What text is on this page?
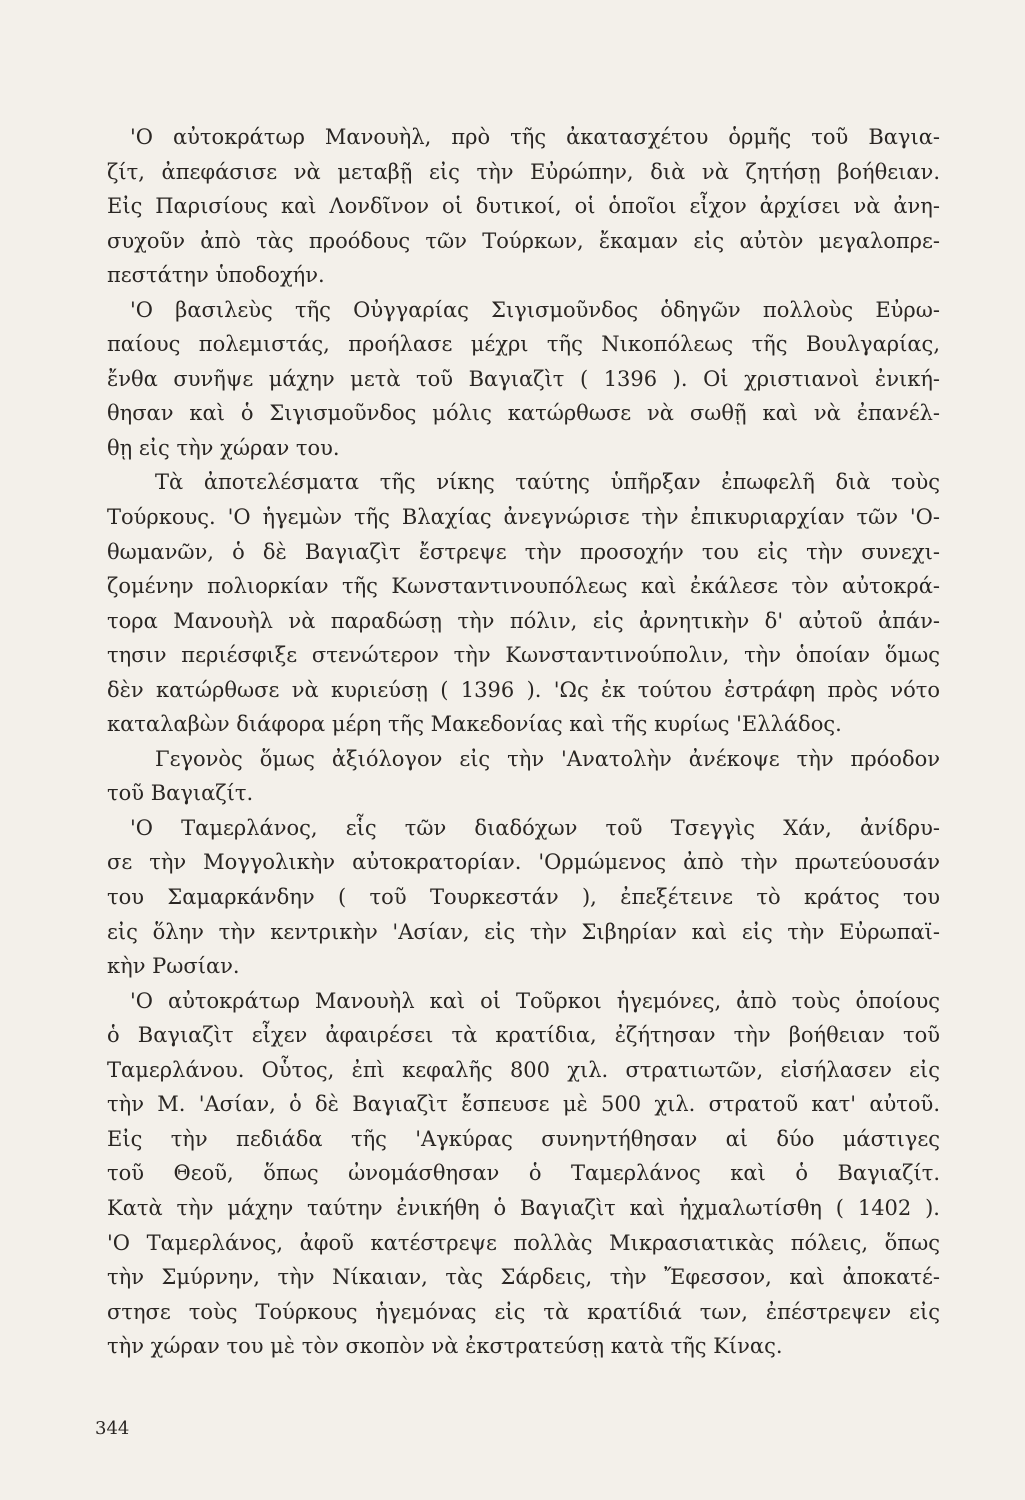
'Ο αὐτοκράτωρ Μανουὴλ, πρὸ τῆς ἀκατασχέτου ὁρμῆς τοῦ Βαγια-
ζίτ, ἀπεφάσισε νὰ μεταβῇ εἰς τὴν Εὐρώπην, διὰ νὰ ζητήσῃ βοήθειαν.
Εἰς Παρισίους καὶ Λονδῖνον οἱ δυτικοί, οἱ ὁποῖοι εἶχον ἀρχίσει νὰ ἀνη-
συχοῦν ἀπὸ τὰς προόδους τῶν Τούρκων, ἔκαμαν εἰς αὐτὸν μεγαλοπρε-
πεστάτην ὑποδοχήν.
'Ο βασιλεὺς τῆς Οὐγγαρίας Σιγισμοῦνδος ὁδηγῶν πολλοὺς Εὐρω-
παίους πολεμιστάς, προήλασε μέχρι τῆς Νικοπόλεως τῆς Βουλγαρίας,
ἔνθα συνῆψε μάχην μετὰ τοῦ Βαγιαζὶτ ( 1396 ). Οἱ χριστιανοὶ ἐνική-
θησαν καὶ ὁ Σιγισμοῦνδος μόλις κατώρθωσε νὰ σωθῇ καὶ νὰ ἐπανέλ-
θῃ εἰς τὴν χώραν του.
Τὰ ἀποτελέσματα τῆς νίκης ταύτης ὑπῆρξαν ἐπωφελῆ διὰ τοὺς
Τούρκους. 'Ο ἡγεμὼν τῆς Βλαχίας ἀνεγνώρισε τὴν ἐπικυριαρχίαν τῶν 'Ο-
θωμανῶν, ὁ δὲ Βαγιαζὶτ ἔστρεψε τὴν προσοχήν του εἰς τὴν συνεχι-
ζομένην πολιορκίαν τῆς Κωνσταντινουπόλεως καὶ ἐκάλεσε τὸν αὐτοκρά-
τορα Μανουὴλ νὰ παραδώσῃ τὴν πόλιν, εἰς ἀρνητικὴν δ' αὐτοῦ ἀπάν-
τησιν περιέσφιξε στενώτερον τὴν Κωνσταντινούπολιν, τὴν ὁποίαν ὅμως
δὲν κατώρθωσε νὰ κυριεύσῃ ( 1396 ). 'Ως ἐκ τούτου ἐστράφη πρὸς νότο
καταλαβὼν διάφορα μέρη τῆς Μακεδονίας καὶ τῆς κυρίως 'Ελλάδος.
Γεγονὸς ὅμως ἀξιόλογον εἰς τὴν 'Ανατολὴν ἀνέκοψε τὴν πρόοδον
τοῦ Βαγιαζίτ.
'Ο Ταμερλάνος, εἷς τῶν διαδόχων τοῦ Τσεγγὶς Χάν, ἀνίδρυ-
σε τὴν Μογγολικὴν αὐτοκρατορίαν. 'Ορμώμενος ἀπὸ τὴν πρωτεύουσάν
του Σαμαρκάνδην ( τοῦ Τουρκεστάν ), ἐπεξέτεινε τὸ κράτος του
εἰς ὅλην τὴν κεντρικὴν 'Ασίαν, εἰς τὴν Σιβηρίαν καὶ εἰς τὴν Εὐρωπαϊ-
κὴν Ρωσίαν.
'Ο αὐτοκράτωρ Μανουὴλ καὶ οἱ Τοῦρκοι ἡγεμόνες, ἀπὸ τοὺς ὁποίους
ὁ Βαγιαζὶτ εἶχεν ἀφαιρέσει τὰ κρατίδια, ἐζήτησαν τὴν βοήθειαν τοῦ
Ταμερλάνου. Οὗτος, ἐπὶ κεφαλῆς 800 χιλ. στρατιωτῶν, εἰσήλασεν εἰς
τὴν Μ. 'Ασίαν, ὁ δὲ Βαγιαζὶτ ἔσπευσε μὲ 500 χιλ. στρατοῦ κατ' αὐτοῦ.
Εἰς τὴν πεδιάδα τῆς 'Αγκύρας συνηντήθησαν αἱ δύο μάστιγες
τοῦ Θεοῦ, ὅπως ὠνομάσθησαν ὁ Ταμερλάνος καὶ ὁ Βαγιαζίτ.
Κατὰ τὴν μάχην ταύτην ἐνικήθη ὁ Βαγιαζὶτ καὶ ἠχμαλωτίσθη ( 1402 ).
'Ο Ταμερλάνος, ἀφοῦ κατέστρεψε πολλὰς Μικρασιατικὰς πόλεις, ὅπως
τὴν Σμύρνην, τὴν Νίκαιαν, τὰς Σάρδεις, τὴν Ἔφεσσον, καὶ ἀποκατέ-
στησε τοὺς Τούρκους ἡγεμόνας εἰς τὰ κρατίδιά των, ἐπέστρεψεν εἰς
τὴν χώραν του μὲ τὸν σκοπὸν νὰ ἐκστρατεύσῃ κατὰ τῆς Κίνας.
344
